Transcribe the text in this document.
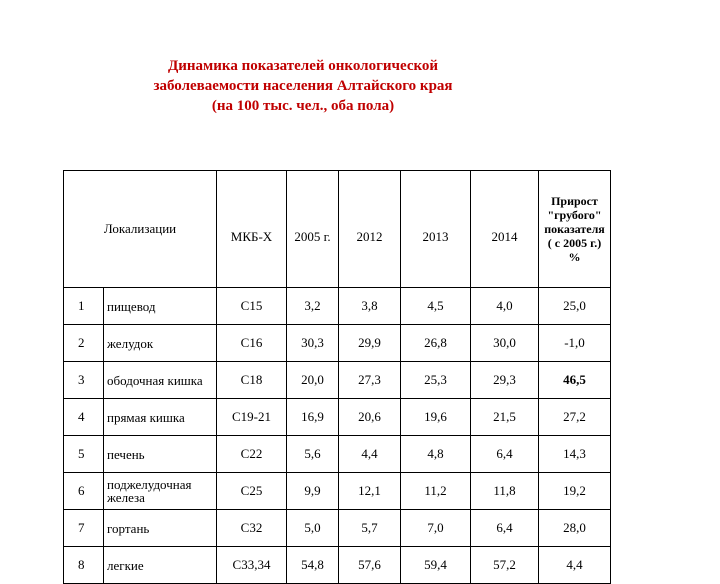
Динамика показателей онкологической
заболеваемости населения Алтайского края
(на 100 тыс. чел., оба пола)
Локализации		МКБ-Х	2005 г.	2012	2013	2014	Прирост "грубого" показателя ( с 2005 г.) %
1	пищевод	С15	3,2	3,8	4,5	4,0	25,0
2	желудок	С16	30,3	29,9	26,8	30,0	-1,0
3	ободочная кишка	С18	20,0	27,3	25,3	29,3	46,5
4	прямая кишка	С19-21	16,9	20,6	19,6	21,5	27,2
5	печень	С22	5,6	4,4	4,8	6,4	14,3
6	поджелудочная железа	С25	9,9	12,1	11,2	11,8	19,2
7	гортань	С32	5,0	5,7	7,0	6,4	28,0
8	легкие	С33,34	54,8	57,6	59,4	57,2	4,4
